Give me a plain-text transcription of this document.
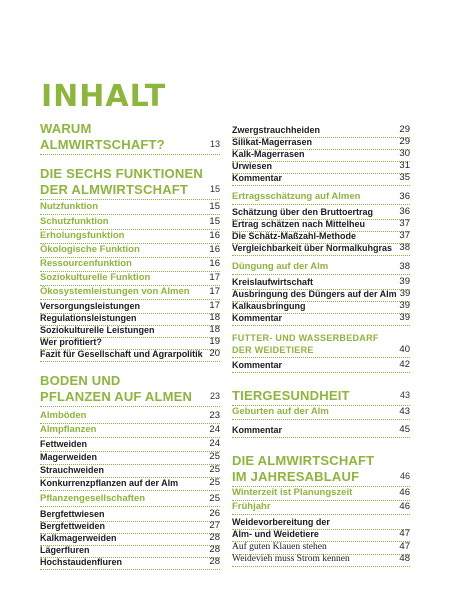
INHALT
WARUM
ALMWIRTSCHAFT?	13
DIE SECHS FUNKTIONEN
DER ALMWIRTSCHAFT 15
Nutzfunktion	15
Schutzfunktion	15
Erholungsfunktion	16
Ökologische Funktion	16
Ressourcenfunktion	16
Soziokulturelle Funktion	17
Ökosystemleistungen von Almen 17
Versorgungsleistungen	17
Regulationsleistungen	18
Soziokulturelle Leistungen	18
Wer profitiert?	19
Fazit für Gesellschaft und Agrarpolitik 20
BODEN UND
PFLANZEN AUF ALMEN 23
Almböden	23
Almpflanzen	24
Fettweiden	24
Magerweiden	25
Strauchweiden	25
Konkurrenzpflanzen auf der Alm	25
Pflanzengesellschaften	25
Bergfettwiesen	26
Bergfettweiden	27
Kalkmagerweiden	28
Lägerfluren	28
Hochstaudenfluren	28
Zwergstrauchheiden	29
Silikat-Magerrasen	29
Kalk-Magerrasen	30
Urwiesen	31
Kommentar	35
Ertragsschätzung auf Almen	36
Schätzung über den Bruttoertrag	36
Ertrag schätzen nach Mittelheu	37
Die Schätz-Maßzahl-Methode	37
Vergleichbarkeit über Normalkuhgras 38
Düngung auf der Alm	38
Kreislaufwirtschaft	39
Ausbringung des Düngers auf der Alm 39
Kalkausbringung	39
Kommentar	39
FUTTER- UND WASSERBEDARF
DER WEIDETIERE	40
Kommentar	42
TIERGESUNDHEIT	43
Geburten auf der Alm	43
Kommentar	45
DIE ALMWIRTSCHAFT
IM JAHRESABLAUF	46
Winterzeit ist Planungszeit	46
Frühjahr	46
Weidevorbereitung der
Alm- und Weidetiere	47
Auf guten Klauen stehen	47
Weidevieh muss Strom kennen	48
